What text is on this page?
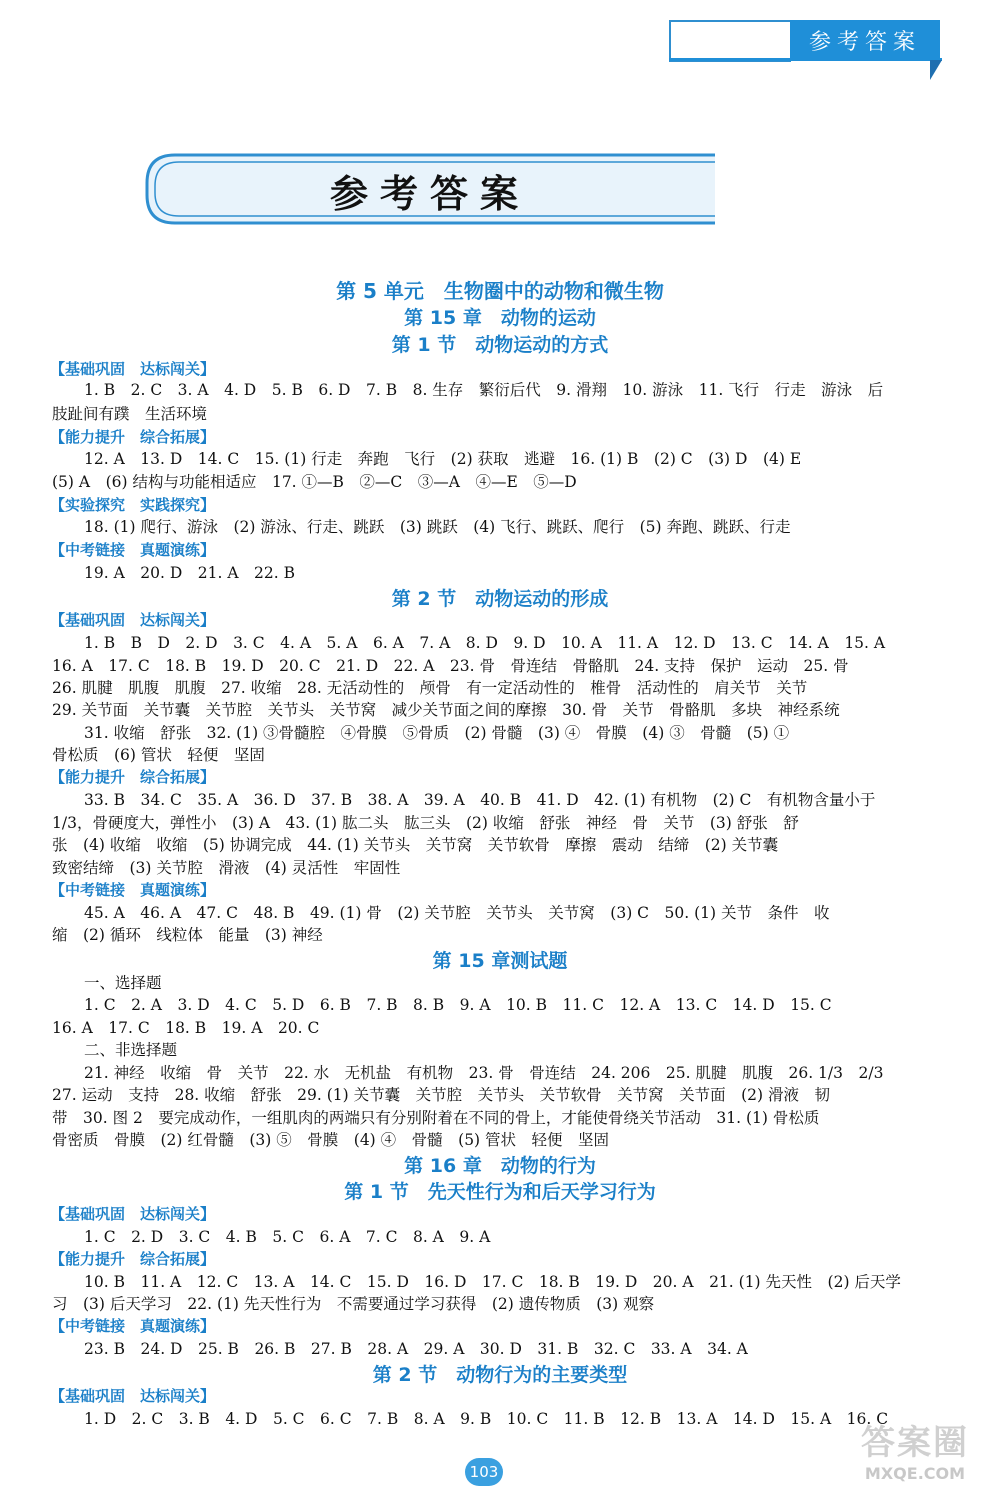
参考答案
参考答案
第 5 单元　生物圈中的动物和微生物
第 15 章　动物的运动
第 1 节　动物运动的方式
【基础巩固　达标闯关】
1. B　2. C　3. A　4. D　5. B　6. D　7. B　8. 生存　繁衍后代　9. 滑翔　10. 游泳　11. 飞行　行走　游泳　后
肢趾间有蹼　生活环境
【能力提升　综合拓展】
12. A　13. D　14. C　15. (1) 行走　奔跑　飞行　(2) 获取　逃避　16. (1) B　(2) C　(3) D　(4) E
(5) A　(6) 结构与功能相适应　17. ①—B　②—C　③—A　④—E　⑤—D
【实验探究　实践探究】
18. (1) 爬行、游泳　(2) 游泳、行走、跳跃　(3) 跳跃　(4) 飞行、跳跃、爬行　(5) 奔跑、跳跃、行走
【中考链接　真题演练】
19. A　20. D　21. A　22. B
第 2 节　动物运动的形成
【基础巩固　达标闯关】
1. B　B　D　2. D　3. C　4. A　5. A　6. A　7. A　8. D　9. D　10. A　11. A　12. D　13. C　14. A　15. A
16. A　17. C　18. B　19. D　20. C　21. D　22. A　23. 骨　骨连结　骨骼肌　24. 支持　保护　运动　25. 骨
26. 肌腱　肌腹　肌腹　27. 收缩　28. 无活动性的　颅骨　有一定活动性的　椎骨　活动性的　肩关节　关节
29. 关节面　关节囊　关节腔　关节头　关节窝　减少关节面之间的摩擦　30. 骨　关节　骨骼肌　多块　神经系统
31. 收缩　舒张　32. (1) ③骨髓腔　④骨膜　⑤骨质　(2) 骨髓　(3) ④　骨膜　(4) ③　骨髓　(5) ①
骨松质　(6) 管状　轻便　坚固
【能力提升　综合拓展】
33. B　34. C　35. A　36. D　37. B　38. A　39. A　40. B　41. D　42. (1) 有机物　(2) C　有机物含量小于
1/3，骨硬度大，弹性小　(3) A　43. (1) 肱二头　肱三头　(2) 收缩　舒张　神经　骨　关节　(3) 舒张　舒
张　(4) 收缩　收缩　(5) 协调完成　44. (1) 关节头　关节窝　关节软骨　摩擦　震动　结缔　(2) 关节囊
致密结缔　(3) 关节腔　滑液　(4) 灵活性　牢固性
【中考链接　真题演练】
45. A　46. A　47. C　48. B　49. (1) 骨　(2) 关节腔　关节头　关节窝　(3) C　50. (1) 关节　条件　收
缩　(2) 循环　线粒体　能量　(3) 神经
第 15 章测试题
一、选择题
1. C　2. A　3. D　4. C　5. D　6. B　7. B　8. B　9. A　10. B　11. C　12. A　13. C　14. D　15. C
16. A　17. C　18. B　19. A　20. C
二、非选择题
21. 神经　收缩　骨　关节　22. 水　无机盐　有机物　23. 骨　骨连结　24. 206　25. 肌腱　肌腹　26. 1/3　2/3
27. 运动　支持　28. 收缩　舒张　29. (1) 关节囊　关节腔　关节头　关节软骨　关节窝　关节面　(2) 滑液　韧
带　30. 图 2　要完成动作，一组肌肉的两端只有分别附着在不同的骨上，才能使骨绕关节活动　31. (1) 骨松质
骨密质　骨膜　(2) 红骨髓　(3) ⑤　骨膜　(4) ④　骨髓　(5) 管状　轻便　坚固
第 16 章　动物的行为
第 1 节　先天性行为和后天学习行为
【基础巩固　达标闯关】
1. C　2. D　3. C　4. B　5. C　6. A　7. C　8. A　9. A
【能力提升　综合拓展】
10. B　11. A　12. C　13. A　14. C　15. D　16. D　17. C　18. B　19. D　20. A　21. (1) 先天性　(2) 后天学
习　(3) 后天学习　22. (1) 先天性行为　不需要通过学习获得　(2) 遗传物质　(3) 观察
【中考链接　真题演练】
23. B　24. D　25. B　26. B　27. B　28. A　29. A　30. D　31. B　32. C　33. A　34. A
第 2 节　动物行为的主要类型
【基础巩固　达标闯关】
1. D　2. C　3. B　4. D　5. C　6. C　7. B　8. A　9. B　10. C　11. B　12. B　13. A　14. D　15. A　16. C
103
答案圈
MXQE.COM
